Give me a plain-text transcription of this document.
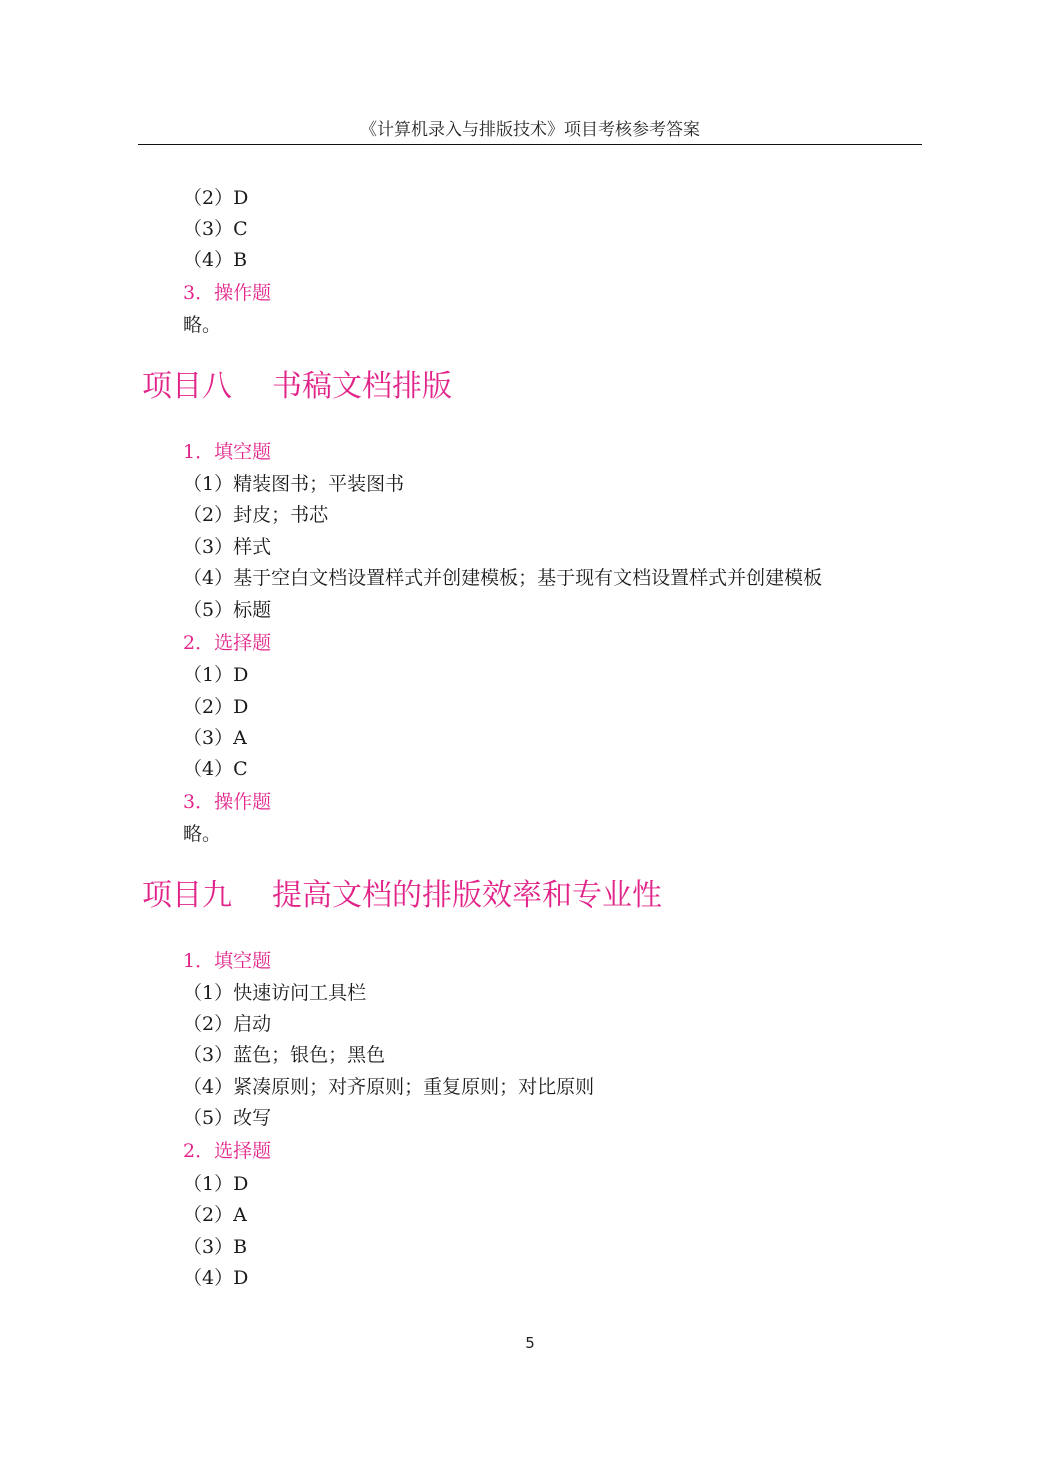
《计算机录入与排版技术》项目考核参考答案
（2）D
（3）C
（4）B
3．操作题
略。
项目八 书稿文档排版
1．填空题
（1）精装图书；平装图书
（2）封皮；书芯
（3）样式
（4）基于空白文档设置样式并创建模板；基于现有文档设置样式并创建模板
（5）标题
2．选择题
（1）D
（2）D
（3）A
（4）C
3．操作题
略。
项目九 提高文档的排版效率和专业性
1．填空题
（1）快速访问工具栏
（2）启动
（3）蓝色；银色；黑色
（4）紧凑原则；对齐原则；重复原则；对比原则
（5）改写
2．选择题
（1）D
（2）A
（3）B
（4）D
5
